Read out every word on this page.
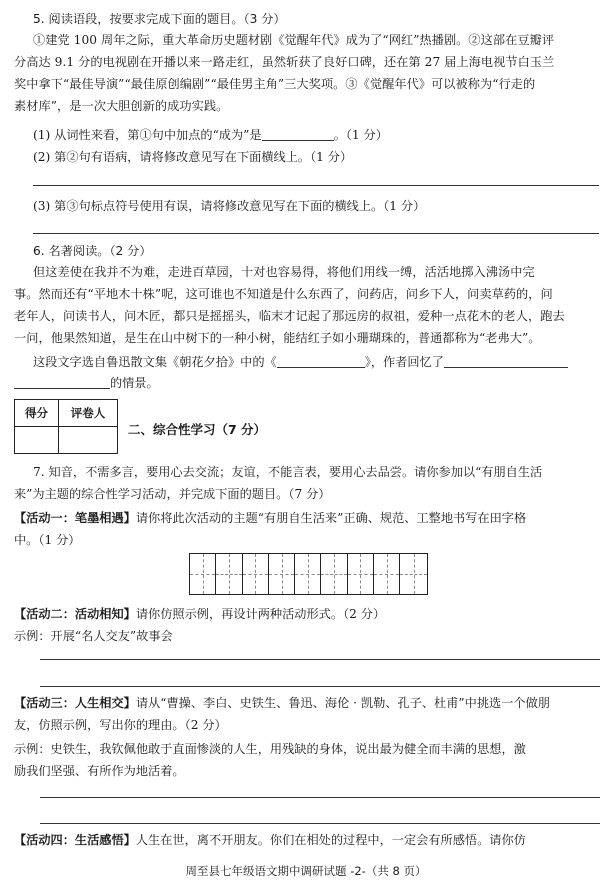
5. 阅读语段，按要求完成下面的题目。（3 分）
①建党 100 周年之际，重大革命历史题材剧《觉醒年代》成为了“网红”热播剧。②这部在豆瓣评
分高达 9.1 分的电视剧在开播以来一路走红，虽然斩获了良好口碑，还在第 27 届上海电视节白玉兰
奖中拿下“最佳导演”“最佳原创编剧”“最佳男主角”三大奖项。③《觉醒年代》可以被称为“行走的
素材库”，是一次大胆创新的成功实践。
(1) 从词性来看，第①句中加点的“成为”是	。（1 分）
(2) 第②句有语病，请将修改意见写在下面横线上。（1 分）
(3) 第③句标点符号使用有误，请将修改意见写在下面的横线上。（1 分）
6. 名著阅读。（2 分）
但这差使在我并不为难，走进百草园，十对也容易得，将他们用线一缚，活活地掷入沸汤中完
事。然而还有“平地木十株”呢，这可谁也不知道是什么东西了，问药店，问乡下人，问卖草药的，问
老年人，问读书人，问木匠，都只是摇摇头，临末才记起了那远房的叔祖，爱种一点花木的老人，跑去
一问，他果然知道，是生在山中树下的一种小树，能结红子如小珊瑚珠的，普通都称为“老弗大”。
这段文字选自鲁迅散文集《朝花夕拾》中的《	》，作者回忆了
的情景。
得分	评卷人

二、综合性学习（7 分）
7. 知音，不需多言，要用心去交流；友谊，不能言表，要用心去品尝。请你参加以“有朋自生活
来”为主题的综合性学习活动，并完成下面的题目。（7 分）
【活动一：笔墨相遇】请你将此次活动的主题“有朋自生活来”正确、规范、工整地书写在田字格
中。（1 分）
【活动二：活动相知】请你仿照示例，再设计两种活动形式。（2 分）
示例：开展“名人交友”故事会
【活动三：人生相交】请从“曹操、李白、史铁生、鲁迅、海伦 · 凯勒、孔子、杜甫”中挑选一个做朋
友，仿照示例，写出你的理由。（2 分）
示例：史铁生，我钦佩他敢于直面惨淡的人生，用残缺的身体，说出最为健全而丰满的思想，激
励我们坚强、有所作为地活着。
【活动四：生活感悟】人生在世，离不开朋友。你们在相处的过程中，一定会有所感悟。请你仿
周至县七年级语文期中调研试题 -2-（共 8 页）
